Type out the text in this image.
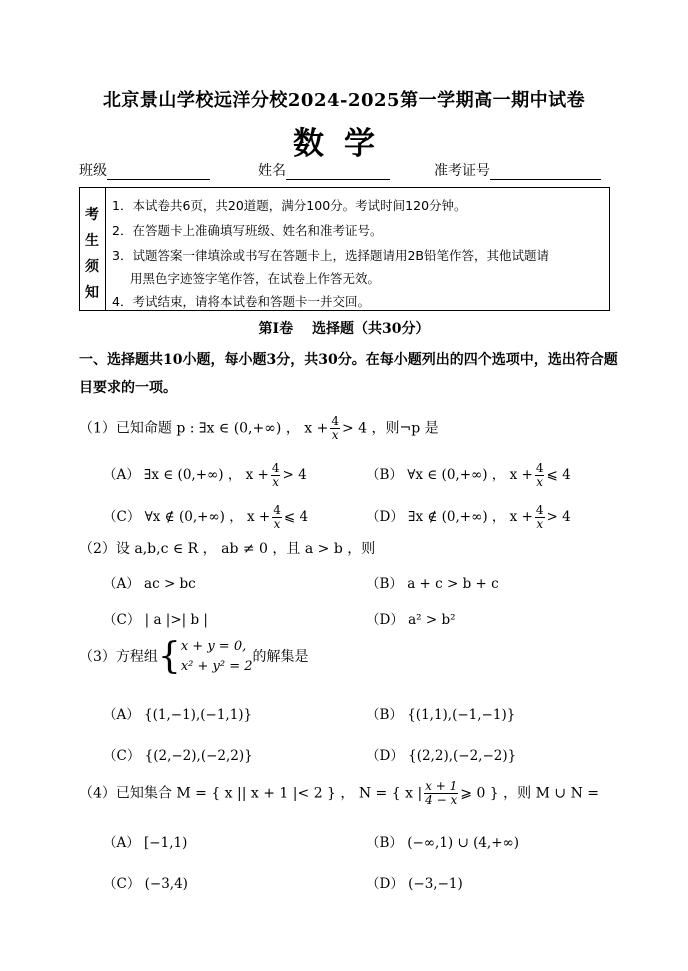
北京景山学校远洋分校2024-2025第一学期高一期中试卷
数学
班级	姓名	准考证号
考
生
须
知
1．本试卷共6页，共20道题，满分100分。考试时间120分钟。
2．在答题卡上准确填写班级、姓名和准考证号。
3．试题答案一律填涂或书写在答题卡上，选择题请用2B铅笔作答，其他试题请
用黑色字迹签字笔作答，在试卷上作答无效。
4．考试结束，请将本试卷和答题卡一并交回。
第Ⅰ卷　 选择题（共30分）
一、选择题共10小题，每小题3分，共30分。在每小题列出的四个选项中，选出符合题目要求的一项。
（1）已知命题 p : ∃x ∈ (0,+∞) ， $x + \frac{4}{x} > 4$ ，则¬p 是
（A） ∃x ∈ (0,+∞) ， $x + \frac{4}{x} > 4$	（B） ∀x ∈ (0,+∞) ， $x + \frac{4}{x}$ ⩽ 4
（C） ∀x ∉ (0,+∞) ， $x + \frac{4}{x}$ ⩽ 4	（D） ∃x ∉ (0,+∞) ， $x + \frac{4}{x} > 4$
（2）设 a,b,c ∈ R ， ab ≠ 0 ，且 a > b ，则
（A） ac > bc	（B） a + c > b + c
（C） | a |>| b |	（D） a² > b²
（3）方程组{ x + y = 0,
x² + y² = 2
的解集是
（A） {(1,−1),(−1,1)}	（B） {(1,1),(−1,−1)}
（C） {(2,−2),(−2,2)}	（D） {(2,2),(−2,−2)}
（4）已知集合 M = { x || x + 1 |< 2 } ， N = { x | $\frac{x + 1}{4 - x}$ ⩾ 0 } ，则 M ∪ N =
（A） [−1,1)	（B） (−∞,1) ∪ (4,+∞)
（C） (−3,4)	（D） (−3,−1)
